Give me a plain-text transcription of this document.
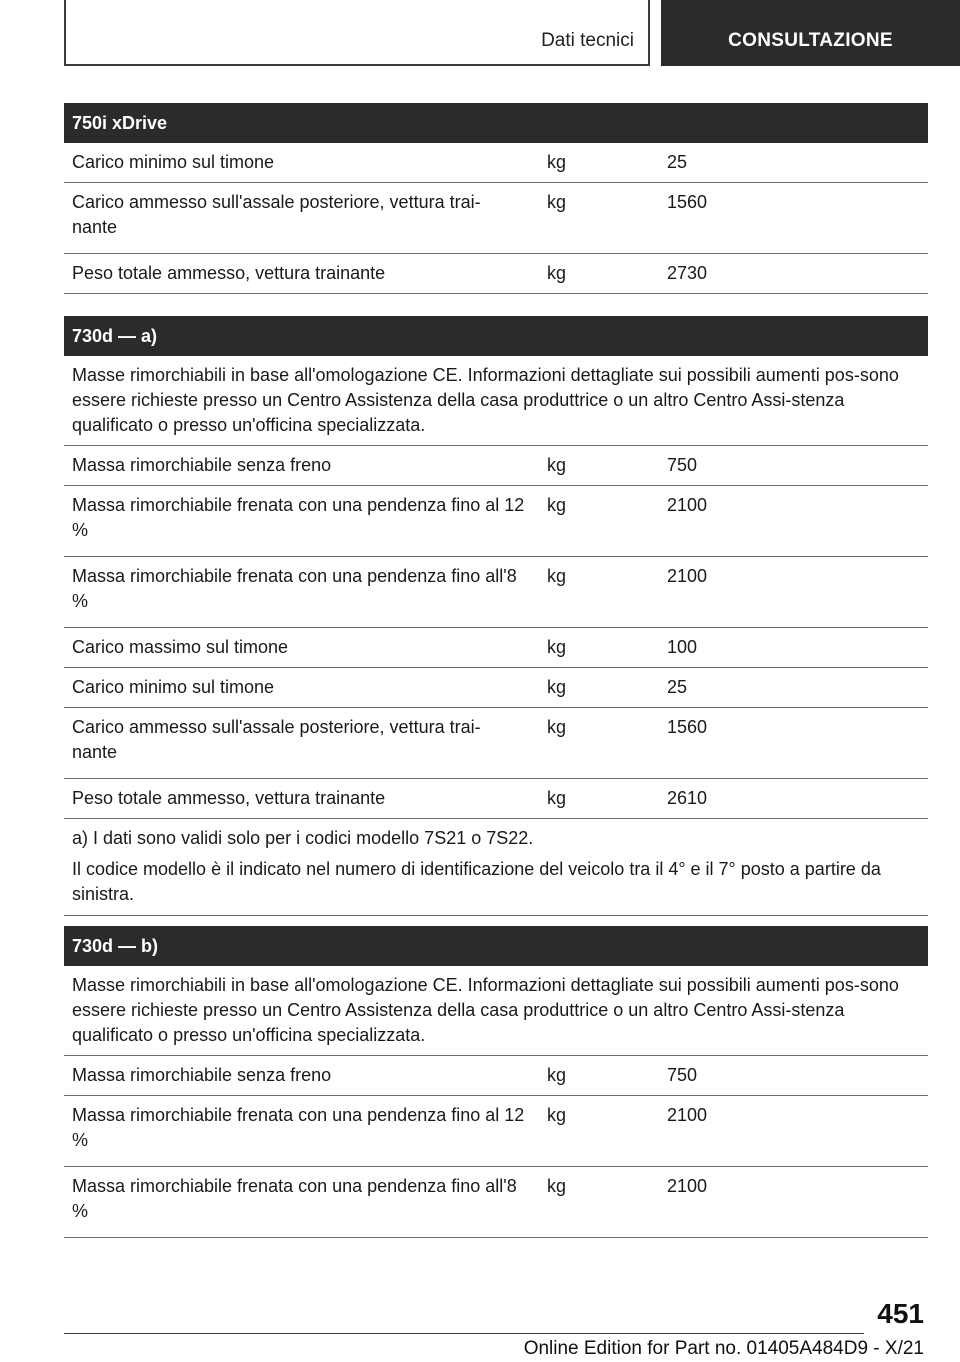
Dati tecnici	CONSULTAZIONE
750i xDrive
Carico minimo sul timone	kg	25
Carico ammesso sull'assale posteriore, vettura trai-
nante
kg	1560
Peso totale ammesso, vettura trainante	kg	2730
730d — a)

Masse rimorchiabili in base all'omologazione CE. Informazioni dettagliate sui possibili aumenti pos-sono essere richieste presso un Centro Assistenza della casa produttrice o un altro Centro Assi-stenza qualificato o presso un'officina specializzata.

Massa rimorchiabile senza freno	kg	750
Massa rimorchiabile frenata con una pendenza fino al 12 %
kg	2100
Massa rimorchiabile frenata con una pendenza fino all'8 %
kg	2100
Carico massimo sul timone	kg	100
Carico minimo sul timone	kg	25
Carico ammesso sull'assale posteriore, vettura trai-
nante
kg	1560
Peso totale ammesso, vettura trainante	kg	2610

a) I dati sono validi solo per i codici modello 7S21 o 7S22.

Il codice modello è il indicato nel numero di identificazione del veicolo tra il 4° e il 7° posto a partire da sinistra.

730d — b)

Masse rimorchiabili in base all'omologazione CE. Informazioni dettagliate sui possibili aumenti pos-sono essere richieste presso un Centro Assistenza della casa produttrice o un altro Centro Assi-stenza qualificato o presso un'officina specializzata.

Massa rimorchiabile senza freno	kg	750
Massa rimorchiabile frenata con una pendenza fino al 12 %
kg	2100
Massa rimorchiabile frenata con una pendenza fino all'8 %
kg	2100
451
Online Edition for Part no. 01405A484D9 - X/21
